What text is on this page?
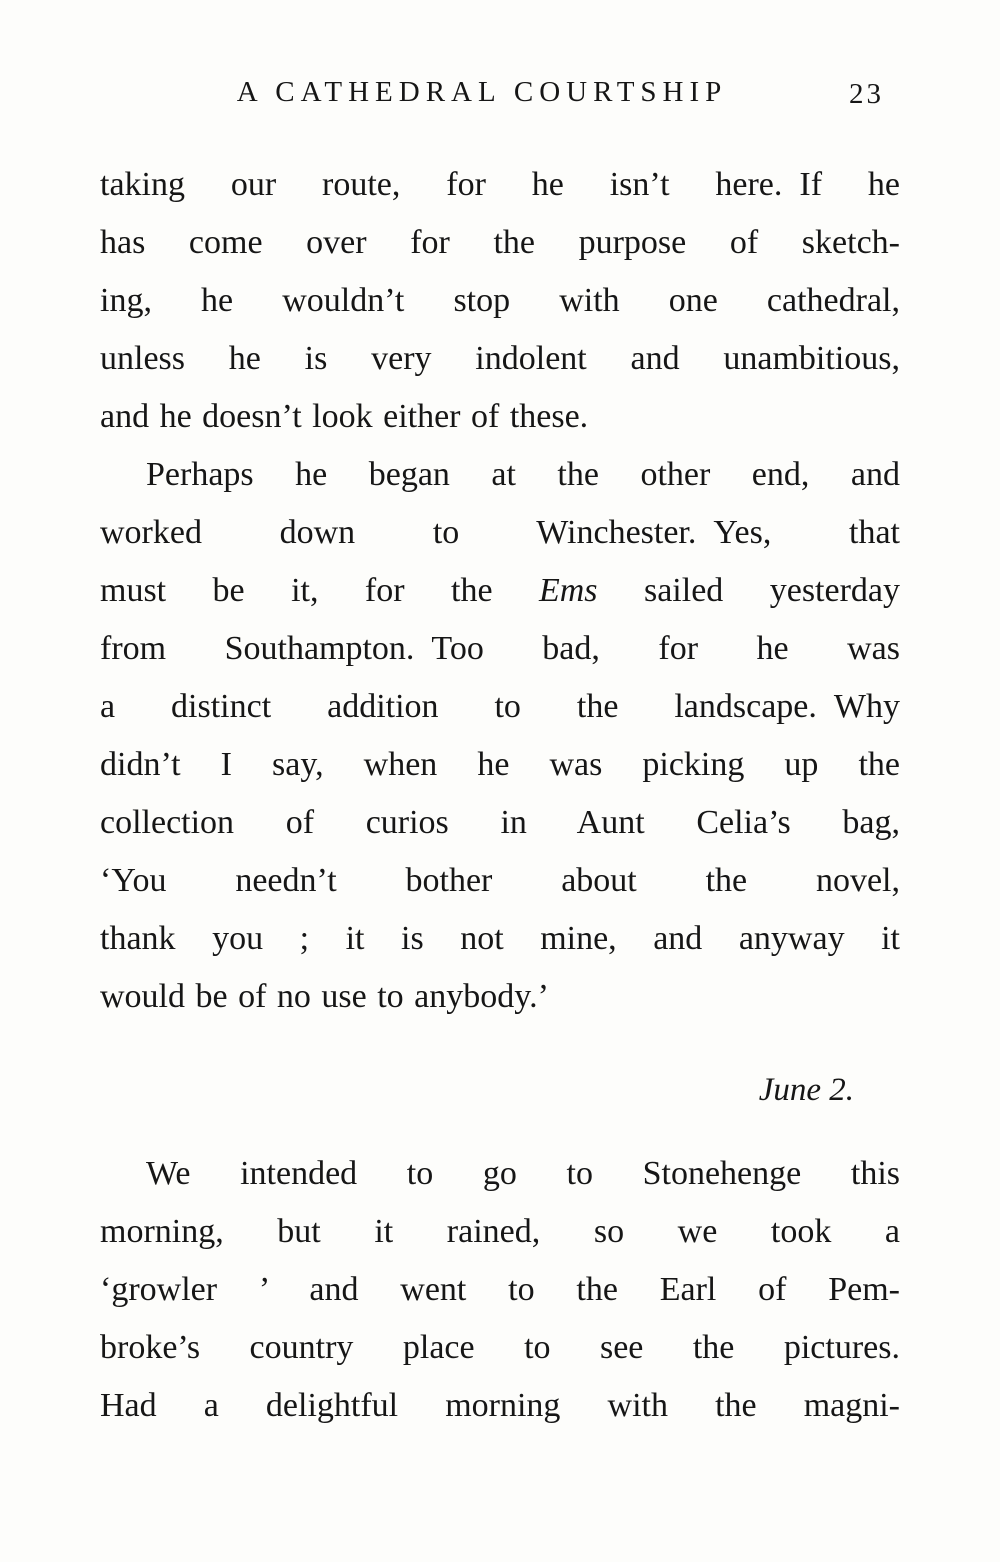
A CATHEDRAL COURTSHIP	23
taking our route, for he isn’t here. If he
has come over for the purpose of sketch-
ing, he wouldn’t stop with one cathedral,
unless he is very indolent and unambitious,
and he doesn’t look either of these.
Perhaps he began at the other end, and
worked down to Winchester. Yes, that
must be it, for the Ems sailed yesterday
from Southampton. Too bad, for he was
a distinct addition to the landscape. Why
didn’t I say, when he was picking up the
collection of curios in Aunt Celia’s bag,
‘You needn’t bother about the novel,
thank you ; it is not mine, and anyway it
would be of no use to anybody.’
June 2.
We intended to go to Stonehenge this
morning, but it rained, so we took a
‘growler ’ and went to the Earl of Pem-
broke’s country place to see the pictures.
Had a delightful morning with the magni-
